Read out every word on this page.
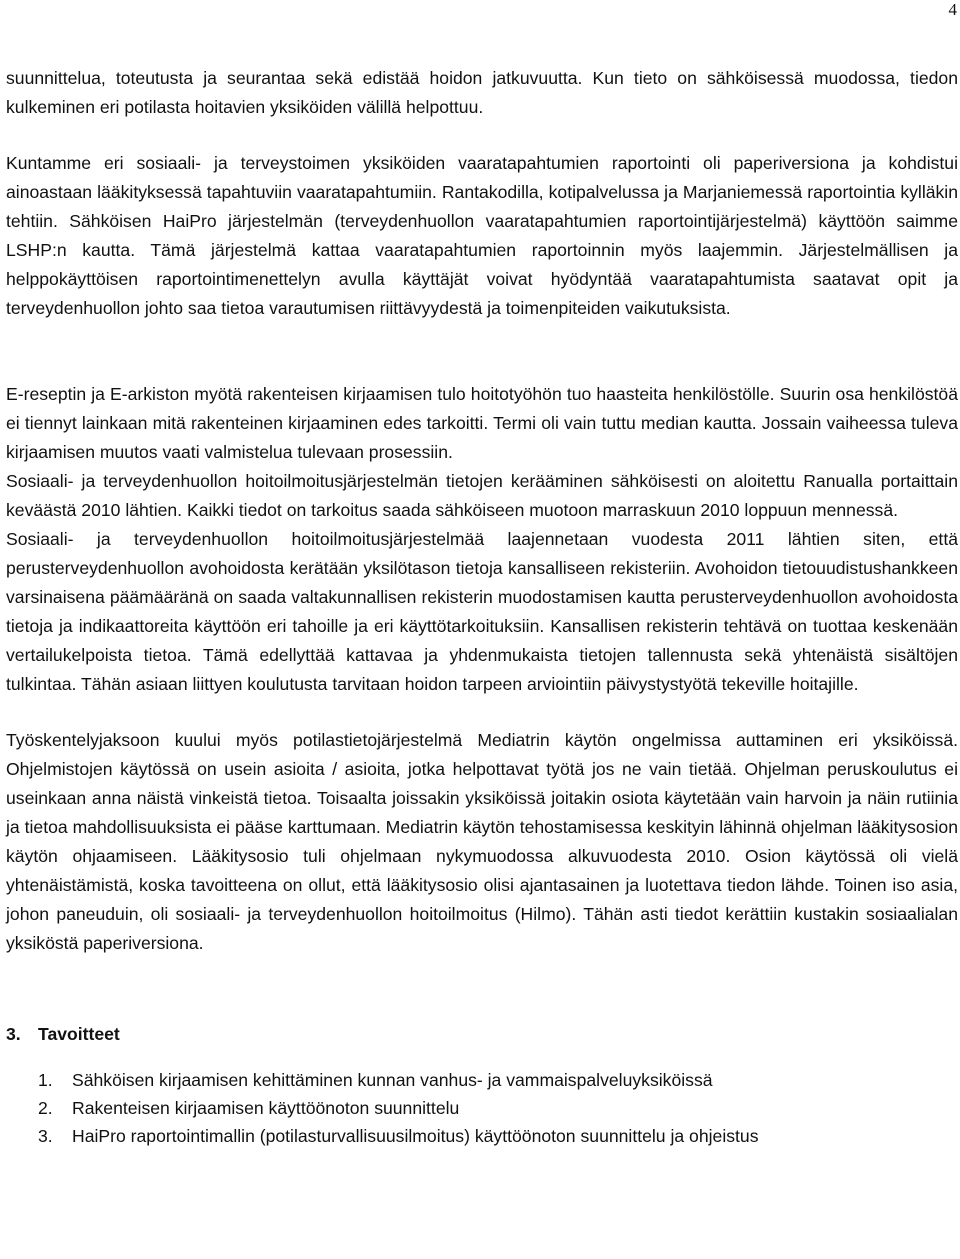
4

suunnittelua, toteutusta ja seurantaa sekä edistää hoidon jatkuvuutta. Kun tieto on sähköisessä muodossa, tiedon kulkeminen eri potilasta hoitavien yksiköiden välillä helpottuu.

Kuntamme eri sosiaali- ja terveystoimen yksiköiden vaaratapahtumien raportointi oli paperiversiona ja kohdistui ainoastaan lääkityksessä tapahtuviin vaaratapahtumiin. Rantakodilla, kotipalvelussa ja Marjaniemessä raportointia kylläkin tehtiin. Sähköisen HaiPro järjestelmän (terveydenhuollon vaaratapahtumien raportointijärjestelmä) käyttöön saimme LSHP:n kautta. Tämä järjestelmä kattaa vaaratapahtumien raportoinnin myös laajemmin. Järjestelmällisen ja helppokäyttöisen raportointimenettelyn avulla käyttäjät voivat hyödyntää vaaratapahtumista saatavat opit ja terveydenhuollon johto saa tietoa varautumisen riittävyydestä ja toimenpiteiden vaikutuksista.

E-reseptin ja E-arkiston myötä rakenteisen kirjaamisen tulo hoitotyöhön tuo haasteita henkilöstölle. Suurin osa henkilöstöä ei tiennyt lainkaan mitä rakenteinen kirjaaminen edes tarkoitti. Termi oli vain tuttu median kautta. Jossain vaiheessa tuleva kirjaamisen muutos vaati valmistelua tulevaan prosessiin.

Sosiaali- ja terveydenhuollon hoitoilmoitusjärjestelmän tietojen kerääminen sähköisesti on aloitettu Ranualla portaittain keväästä 2010 lähtien. Kaikki tiedot on tarkoitus saada sähköiseen muotoon marraskuun 2010 loppuun mennessä.

Sosiaali- ja terveydenhuollon hoitoilmoitusjärjestelmää laajennetaan vuodesta 2011 lähtien siten, että perusterveydenhuollon avohoidosta kerätään yksilötason tietoja kansalliseen rekisteriin. Avohoidon tietouudistushankkeen varsinaisena päämääränä on saada valtakunnallisen rekisterin muodostamisen kautta perusterveydenhuollon avohoidosta tietoja ja indikaattoreita käyttöön eri tahoille ja eri käyttötarkoituksiin. Kansallisen rekisterin tehtävä on tuottaa keskenään vertailukelpoista tietoa. Tämä edellyttää kattavaa ja yhdenmukaista tietojen tallennusta sekä yhtenäistä sisältöjen tulkintaa. Tähän asiaan liittyen koulutusta tarvitaan hoidon tarpeen arviointiin päivystystyötä tekeville hoitajille.

Työskentelyjaksoon kuului myös potilastietojärjestelmä Mediatrin käytön ongelmissa auttaminen eri yksiköissä. Ohjelmistojen käytössä on usein asioita / asioita, jotka helpottavat työtä jos ne vain tietää. Ohjelman peruskoulutus ei useinkaan anna näistä vinkeistä tietoa. Toisaalta joissakin yksiköissä joitakin osiota käytetään vain harvoin ja näin rutiinia ja tietoa mahdollisuuksista ei pääse karttumaan. Mediatrin käytön tehostamisessa keskityin lähinnä ohjelman lääkitysosion käytön ohjaamiseen. Lääkitysosio tuli ohjelmaan nykymuodossa alkuvuodesta 2010. Osion käytössä oli vielä yhtenäistämistä, koska tavoitteena on ollut, että lääkitysosio olisi ajantasainen ja luotettava tiedon lähde. Toinen iso asia, johon paneuduin, oli sosiaali- ja terveydenhuollon hoitoilmoitus (Hilmo). Tähän asti tiedot kerättiin kustakin sosiaalialan yksiköstä paperiversiona.

3. Tavoitteet
1. Sähköisen kirjaamisen kehittäminen kunnan vanhus- ja vammaispalveluyksiköissä
2. Rakenteisen kirjaamisen käyttöönoton suunnittelu
3. HaiPro raportointimallin (potilasturvallisuusilmoitus) käyttöönoton suunnittelu ja ohjeistus
